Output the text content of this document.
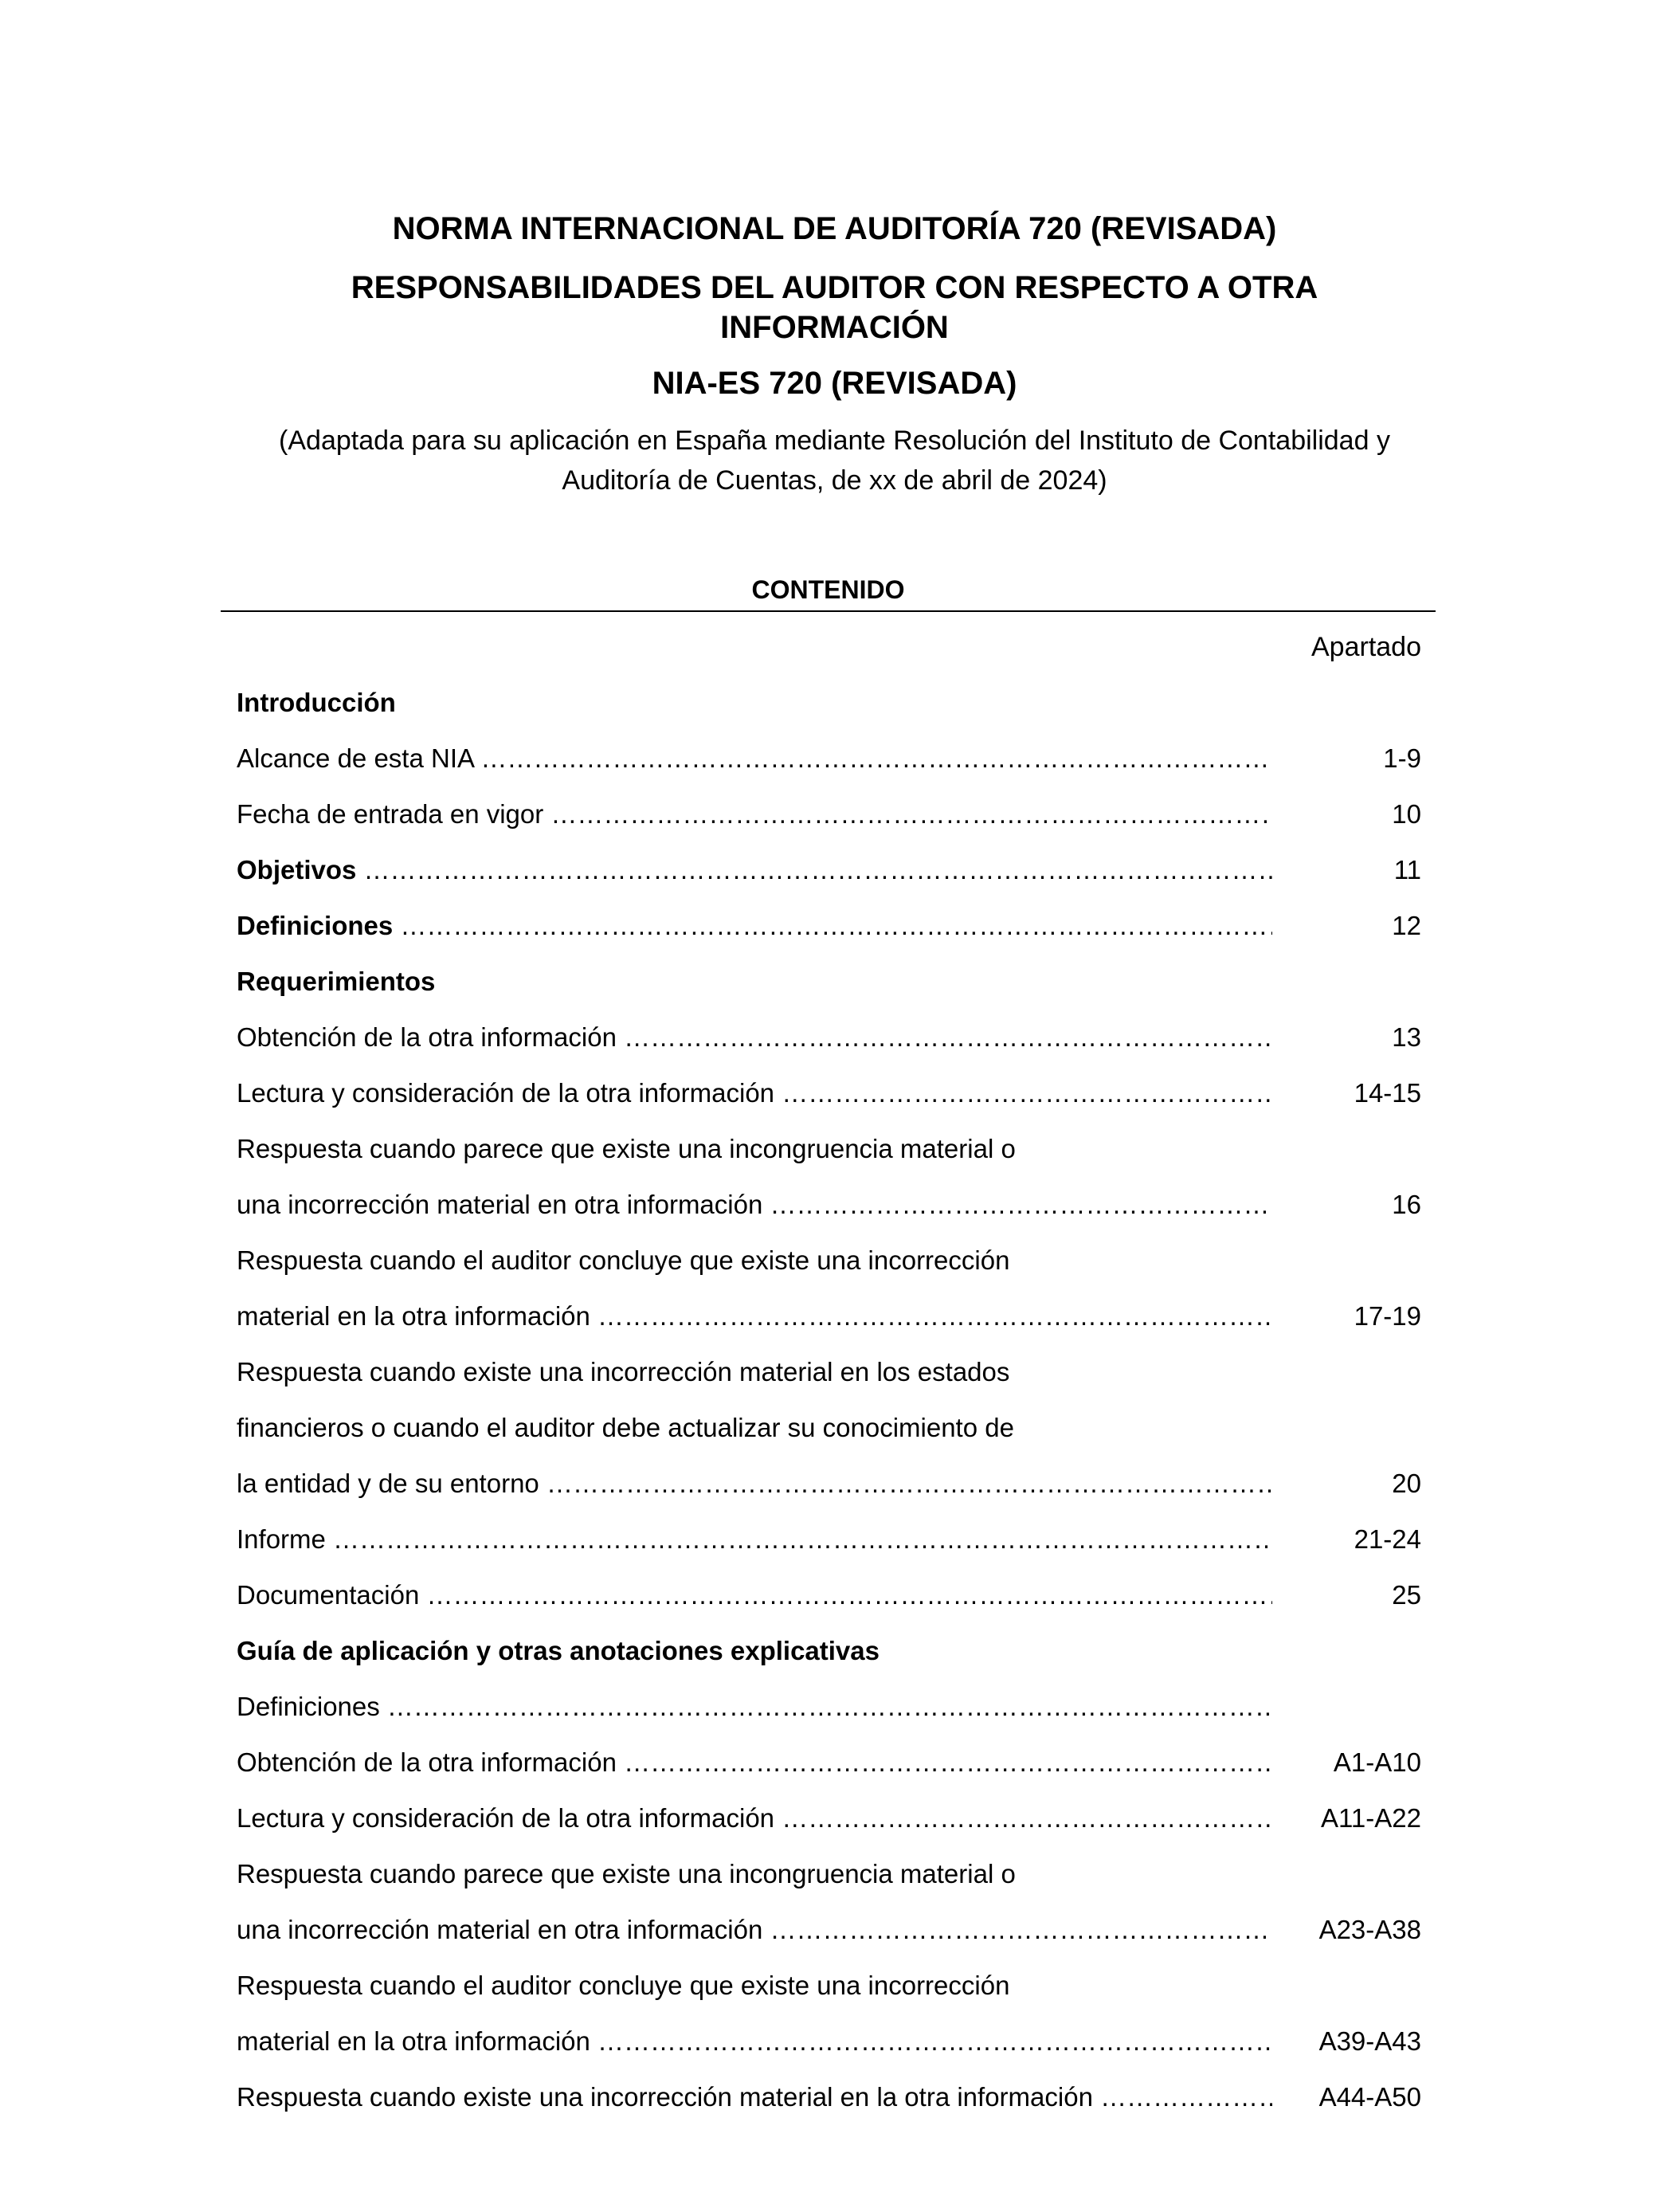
NORMA INTERNACIONAL DE AUDITORÍA 720 (REVISADA)
RESPONSABILIDADES DEL AUDITOR CON RESPECTO A OTRA
INFORMACIÓN
NIA-ES 720 (REVISADA)
(Adaptada para su aplicación en España mediante Resolución del Instituto de Contabilidad y
Auditoría de Cuentas, de xx de abril de 2024)
CONTENIDO
Apartado
Introducción
Alcance de esta NIA ……………………………………………………………………………………………………………………………………………………………………………………………………………………………………………………………………	1-9
Fecha de entrada en vigor ……………………………………………………………………………………………………………………………………………………………………………………………………………………………………………………………………	10
Objetivos ……………………………………………………………………………………………………………………………………………………………………………………………………………………………………………………………………	11
Definiciones ……………………………………………………………………………………………………………………………………………………………………………………………………………………………………………………………………	12
Requerimientos
Obtención de la otra información ……………………………………………………………………………………………………………………………………………………………………………………………………………………………………………………………………	13
Lectura y consideración de la otra información ……………………………………………………………………………………………………………………………………………………………………………………………………………………………………………………………………	14-15
Respuesta cuando parece que existe una incongruencia material o
una incorrección material en otra información ……………………………………………………………………………………………………………………………………………………………………………………………………………………………………………………………………	16
Respuesta cuando el auditor concluye que existe una incorrección
material en la otra información ……………………………………………………………………………………………………………………………………………………………………………………………………………………………………………………………………	17-19
Respuesta cuando existe una incorrección material en los estados
financieros o cuando el auditor debe actualizar su conocimiento de
la entidad y de su entorno ……………………………………………………………………………………………………………………………………………………………………………………………………………………………………………………………………	20
Informe ……………………………………………………………………………………………………………………………………………………………………………………………………………………………………………………………………	21-24
Documentación ……………………………………………………………………………………………………………………………………………………………………………………………………………………………………………………………………	25
Guía de aplicación y otras anotaciones explicativas
Definiciones ……………………………………………………………………………………………………………………………………………………………………………………………………………………………………………………………………
Obtención de la otra información ……………………………………………………………………………………………………………………………………………………………………………………………………………………………………………………………………	A1-A10
Lectura y consideración de la otra información ……………………………………………………………………………………………………………………………………………………………………………………………………………………………………………………………………	A11-A22
Respuesta cuando parece que existe una incongruencia material o
una incorrección material en otra información ……………………………………………………………………………………………………………………………………………………………………………………………………………………………………………………………………	A23-A38
Respuesta cuando el auditor concluye que existe una incorrección
material en la otra información ……………………………………………………………………………………………………………………………………………………………………………………………………………………………………………………………………	A39-A43
Respuesta cuando existe una incorrección material en la otra información ……………………………………………………………………………………………………………………………………………………………………………………………………………………………………………………………………	A44-A50
